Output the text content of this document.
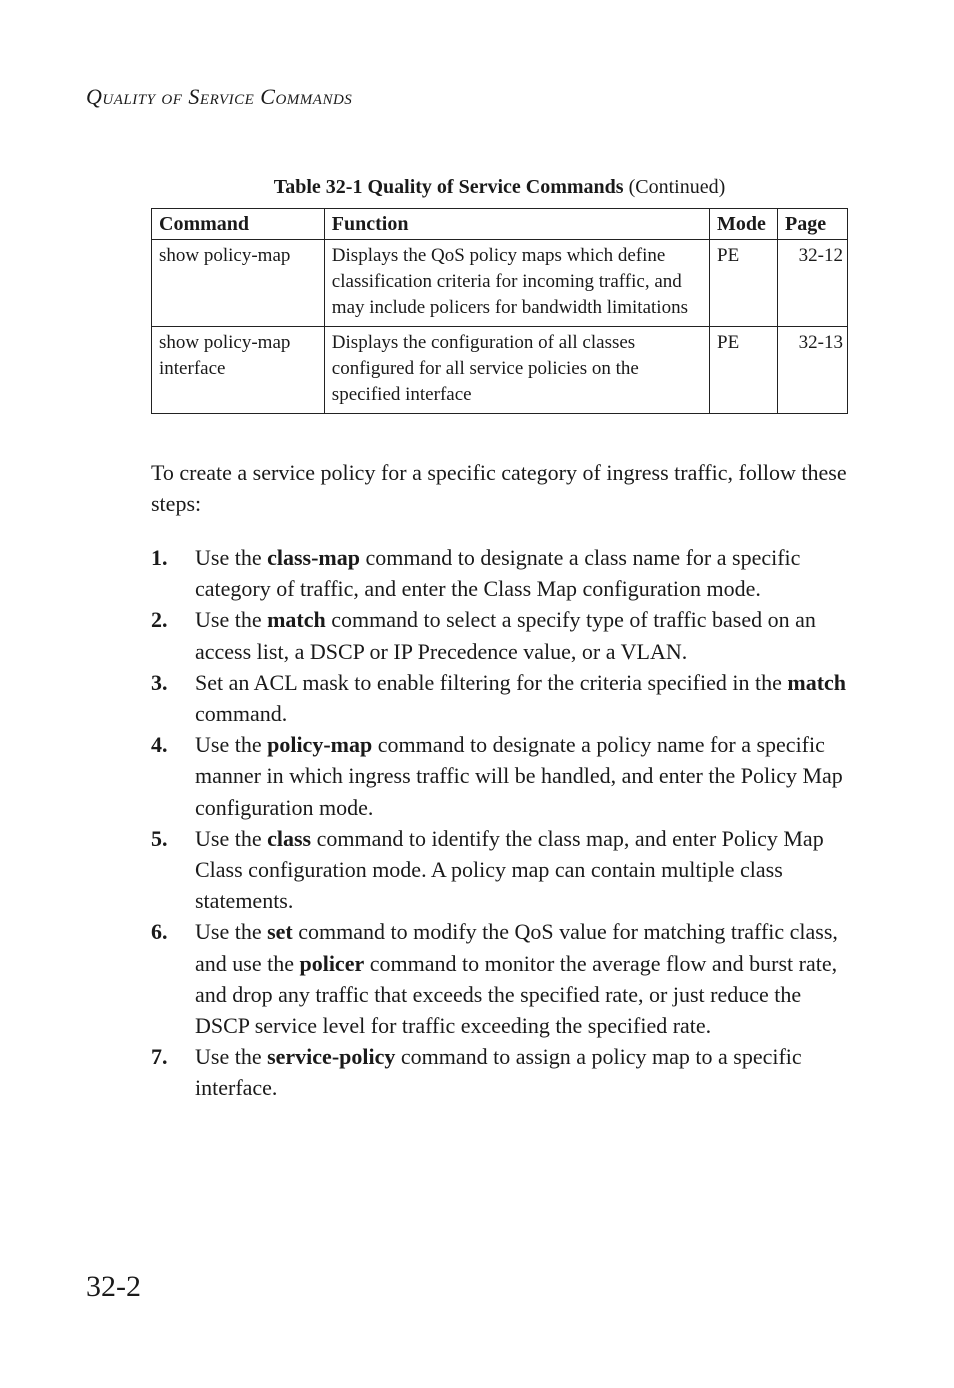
Quality of Service Commands
Table 32-1 Quality of Service Commands (Continued)
Command	Function	Mode	Page
show policy-map	Displays the QoS policy maps which define classification criteria for incoming traffic, and may include policers for bandwidth limitations	PE	32-12
show policy-map interface	Displays the configuration of all classes configured for all service policies on the specified interface	PE	32-13

To create a service policy for a specific category of ingress traffic, follow these steps:

1. Use the class-map command to designate a class name for a specific category of traffic, and enter the Class Map configuration mode.
2. Use the match command to select a specify type of traffic based on an access list, a DSCP or IP Precedence value, or a VLAN.
3. Set an ACL mask to enable filtering for the criteria specified in the match command.
4. Use the policy-map command to designate a policy name for a specific manner in which ingress traffic will be handled, and enter the Policy Map configuration mode.
5. Use the class command to identify the class map, and enter Policy Map Class configuration mode. A policy map can contain multiple class statements.
6. Use the set command to modify the QoS value for matching traffic class, and use the policer command to monitor the average flow and burst rate, and drop any traffic that exceeds the specified rate, or just reduce the DSCP service level for traffic exceeding the specified rate.
7. Use the service-policy command to assign a policy map to a specific interface.
32-2
